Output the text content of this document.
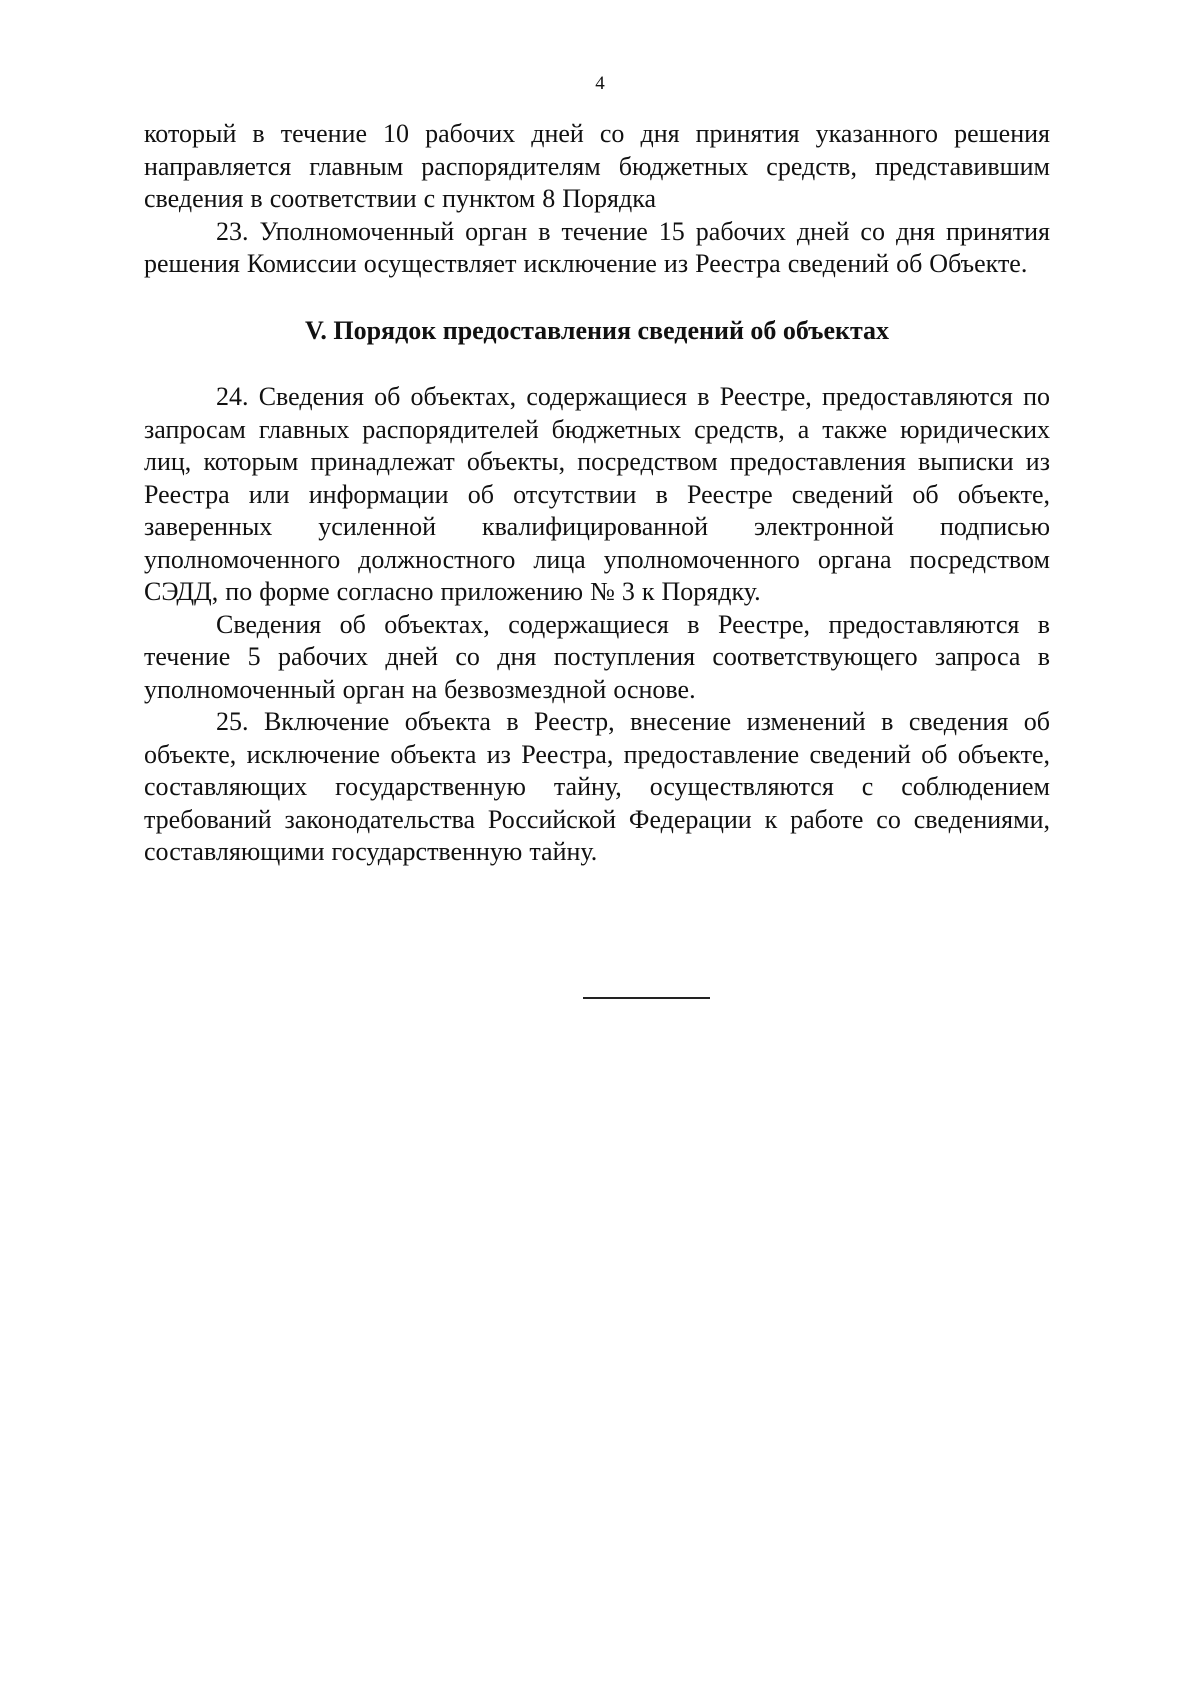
4

который в течение 10 рабочих дней со дня принятия указанного решения направляется главным распорядителям бюджетных средств, представившим сведения в соответствии с пунктом 8 Порядка

23. Уполномоченный орган в течение 15 рабочих дней со дня принятия решения Комиссии осуществляет исключение из Реестра сведений об Объекте.

V. Порядок предоставления сведений об объектах

24. Сведения об объектах, содержащиеся в Реестре, предоставляются по запросам главных распорядителей бюджетных средств, а также юридических лиц, которым принадлежат объекты, посредством предоставления выписки из Реестра или информации об отсутствии в Реестре сведений об объекте, заверенных усиленной квалифицированной электронной подписью уполномоченного должностного лица уполномоченного органа посредством СЭДД, по форме согласно приложению № 3 к Порядку.

Сведения об объектах, содержащиеся в Реестре, предоставляются в течение 5 рабочих дней со дня поступления соответствующего запроса в уполномоченный орган на безвозмездной основе.

25. Включение объекта в Реестр, внесение изменений в сведения об объекте, исключение объекта из Реестра, предоставление сведений об объекте, составляющих государственную тайну, осуществляются с соблюдением требований законодательства Российской Федерации к работе со сведениями, составляющими государственную тайну.
